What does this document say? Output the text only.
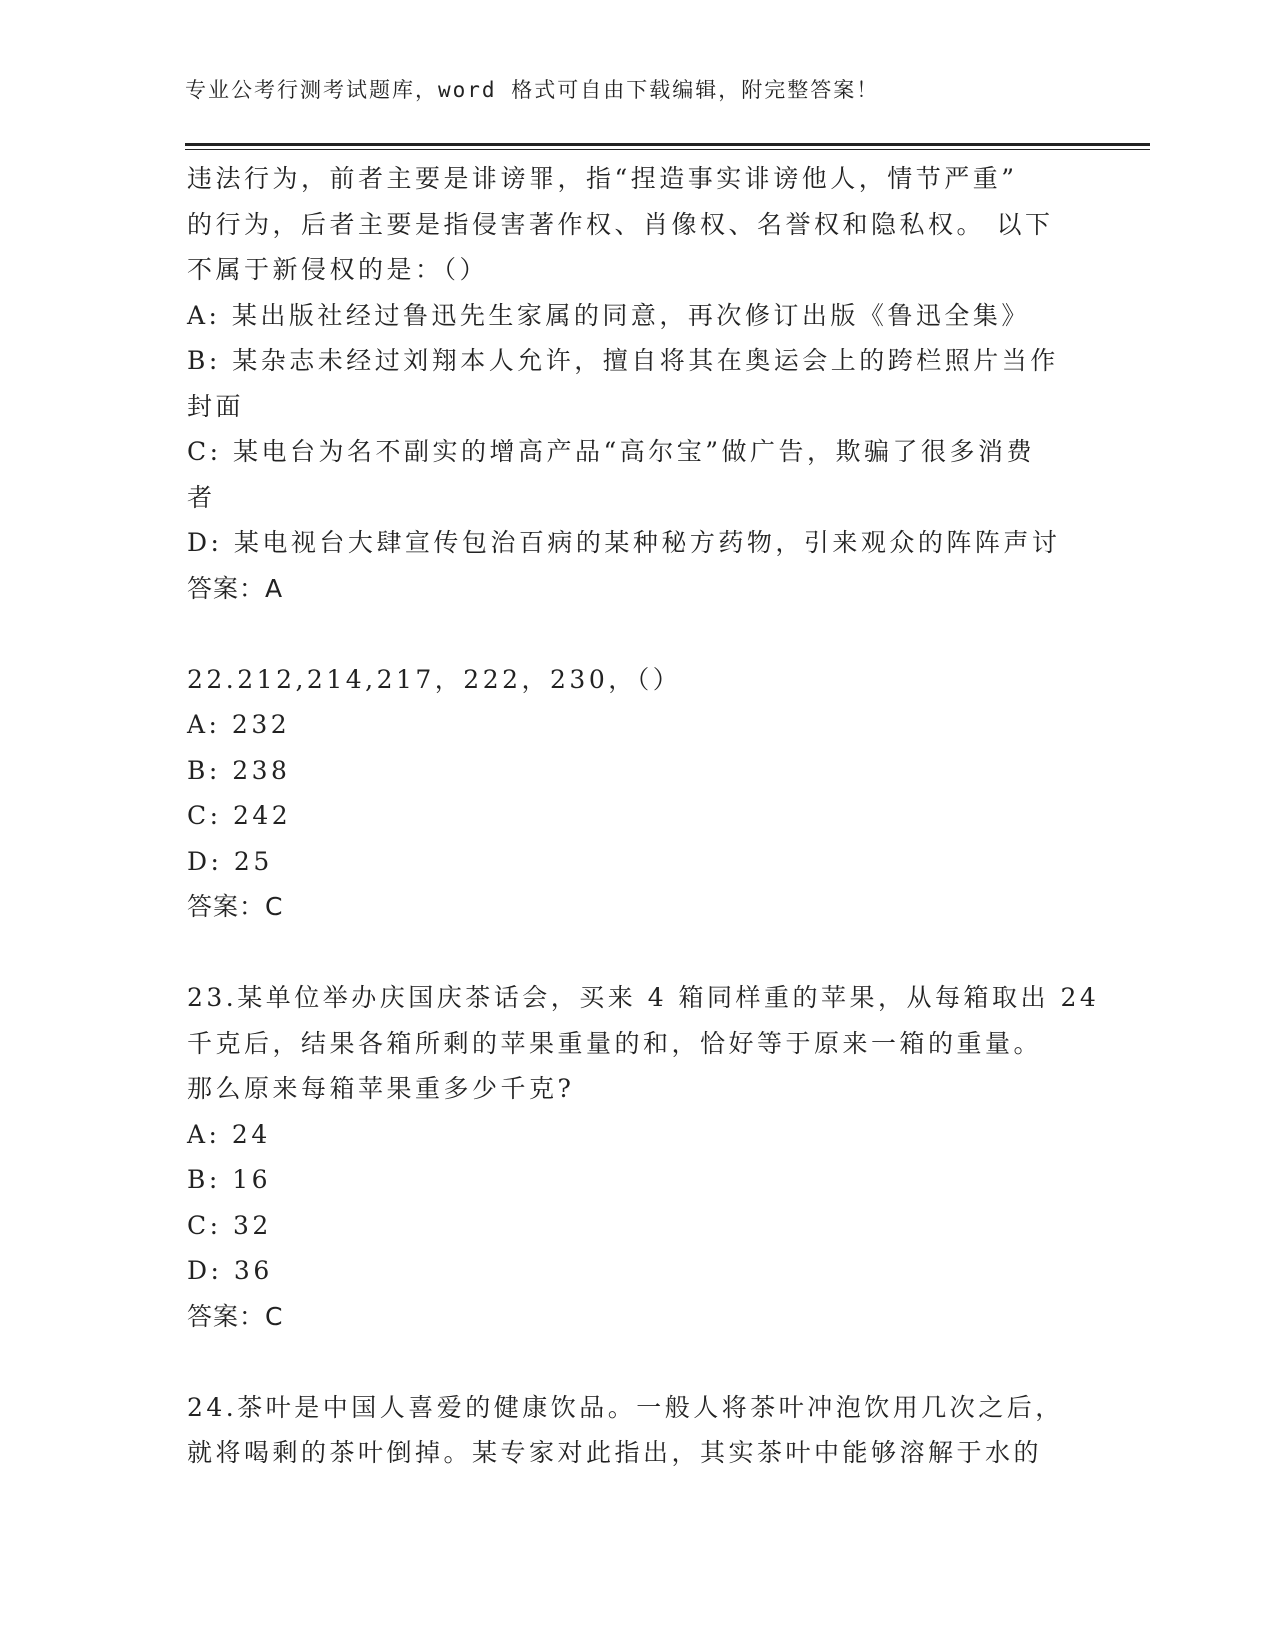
专业公考行测考试题库，word 格式可自由下载编辑，附完整答案！
违法行为，前者主要是诽谤罪，指“捏造事实诽谤他人，情节严重”
的行为，后者主要是指侵害著作权、肖像权、名誉权和隐私权。 以下
不属于新侵权的是：（）
A: 某出版社经过鲁迅先生家属的同意，再次修订出版《鲁迅全集》
B: 某杂志未经过刘翔本人允许，擅自将其在奥运会上的跨栏照片当作
封面
C: 某电台为名不副实的增高产品“高尔宝”做广告，欺骗了很多消费
者
D: 某电视台大肆宣传包治百病的某种秘方药物，引来观众的阵阵声讨
答案：A
22.212,214,217，222，230，（）
A: 232
B: 238
C: 242
D: 25
答案：C
23.某单位举办庆国庆茶话会，买来 4 箱同样重的苹果，从每箱取出 24
千克后，结果各箱所剩的苹果重量的和，恰好等于原来一箱的重量。
那么原来每箱苹果重多少千克?
A: 24
B: 16
C: 32
D: 36
答案：C
24.茶叶是中国人喜爱的健康饮品。一般人将茶叶冲泡饮用几次之后，
就将喝剩的茶叶倒掉。某专家对此指出，其实茶叶中能够溶解于水的
